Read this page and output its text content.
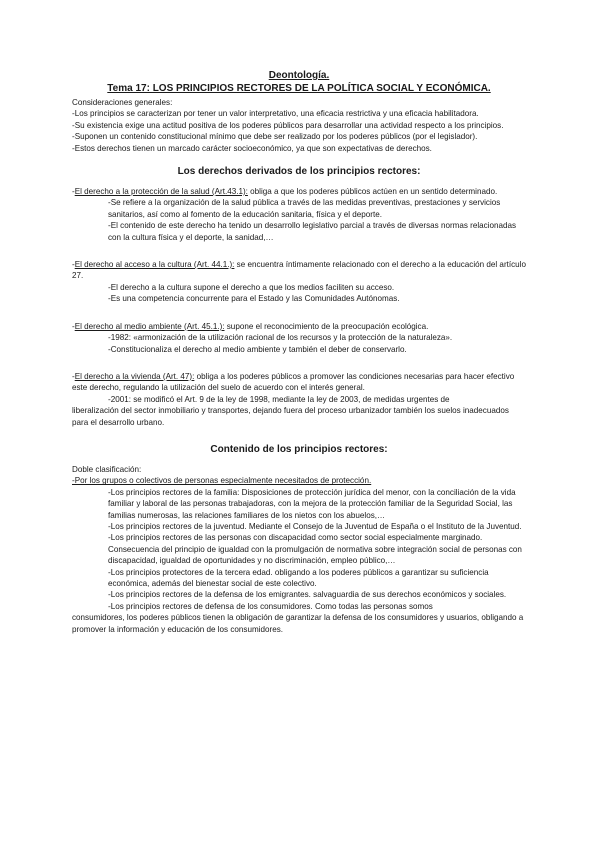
Deontología.

Tema 17: LOS PRINCIPIOS RECTORES DE LA POLÍTICA SOCIAL Y ECONÓMICA.

Consideraciones generales:

-Los principios se caracterizan por tener un valor interpretativo, una eficacia restrictiva y una eficacia habilitadora.

-Su existencia exige una actitud positiva de los poderes públicos para desarrollar una actividad respecto a los principios.

-Suponen un contenido constitucional mínimo que debe ser realizado por los poderes públicos (por el legislador).

-Estos derechos tienen un marcado carácter socioeconómico, ya que son expectativas de derechos.

Los derechos derivados de los principios rectores:

-El derecho a la protección de la salud (Art.43.1): obliga a que los poderes públicos actúen en un sentido determinado.

-Se refiere a la organización de la salud pública a través de las medidas preventivas, prestaciones y servicios sanitarios, así como al fomento de la educación sanitaria, física y el deporte.

-El contenido de este derecho ha tenido un desarrollo legislativo parcial a través de diversas normas relacionadas con la cultura física y el deporte, la sanidad,…

-El derecho al acceso a la cultura (Art. 44.1.): se encuentra íntimamente relacionado con el derecho a la educación del artículo 27.

-El derecho a la cultura supone el derecho a que los medios faciliten su acceso.

-Es una competencia concurrente para el Estado y las Comunidades Autónomas.

-El derecho al medio ambiente (Art. 45.1.): supone el reconocimiento de la preocupación ecológica.

-1982: «armonización de la utilización racional de los recursos y la protección de la naturaleza».

-Constitucionaliza el derecho al medio ambiente y también el deber de conservarlo.

-El derecho a la vivienda (Art. 47): obliga a los poderes públicos a promover las condiciones necesarias para hacer efectivo este derecho, regulando la utilización del suelo de acuerdo con el interés general.

-2001: se modificó el Art. 9 de la ley de 1998, mediante la ley de 2003, de medidas urgentes de

liberalización del sector inmobiliario y transportes, dejando fuera del proceso urbanizador también los suelos inadecuados para el desarrollo urbano.

Contenido de los principios rectores:

Doble clasificación:

-Por los grupos o colectivos de personas especialmente necesitados de protección.

-Los principios rectores de la familia: Disposiciones de protección jurídica del menor, con la conciliación de la vida familiar y laboral de las personas trabajadoras, con la mejora de la protección familiar de la Seguridad Social, las familias numerosas, las relaciones familiares de los nietos con los abuelos,…

-Los principios rectores de la juventud. Mediante el Consejo de la Juventud de España o el Instituto de la Juventud.

-Los principios rectores de las personas con discapacidad como sector social especialmente marginado. Consecuencia del principio de igualdad con la promulgación de normativa sobre integración social de personas con discapacidad, igualdad de oportunidades y no discriminación, empleo público,…

-Los principios protectores de la tercera edad. obligando a los poderes públicos a garantizar su suficiencia económica, además del bienestar social de este colectivo.

-Los principios rectores de la defensa de los emigrantes. salvaguardia de sus derechos económicos y sociales.

-Los principios rectores de defensa de los consumidores. Como todas las personas somos

consumidores, los poderes públicos tienen la obligación de garantizar la defensa de los consumidores y usuarios, obligando a promover la información y educación de los consumidores.
